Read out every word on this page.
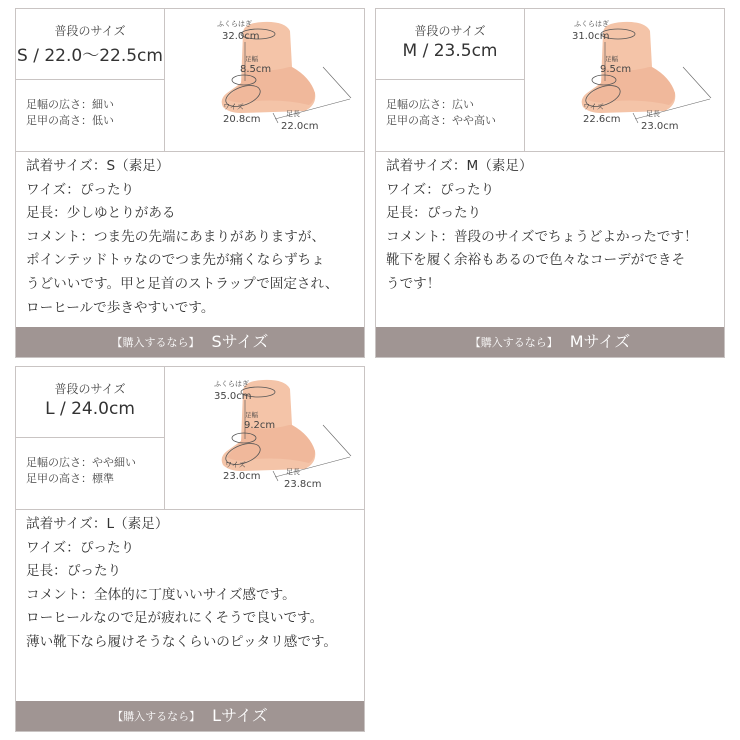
普段のサイズ
S / 22.0〜22.5cm
足幅の広さ：細い
足甲の高さ：低い
ふくらはぎ
32.0cm
足幅
8.5cm
ワイズ
20.8cm	足長
22.0cm

試着サイズ：S（素足）

ワイズ：ぴったり

足長：少しゆとりがある

コメント：つま先の先端にあまりがありますが、

ポインテッドトゥなのでつま先が痛くならずちょ

うどいいです。甲と足首のストラップで固定され、

ローヒールで歩きやすいです。

【購入するなら】 Sサイズ
普段のサイズ
M / 23.5cm
足幅の広さ：広い
足甲の高さ：やや高い
ふくらはぎ
31.0cm
足幅
9.5cm
ワイズ
22.6cm	足長
23.0cm

試着サイズ：M（素足）

ワイズ：ぴったり

足長：ぴったり

コメント：普段のサイズでちょうどよかったです！

靴下を履く余裕もあるので色々なコーデができそ

うです！

【購入するなら】 Mサイズ
普段のサイズ
L / 24.0cm
足幅の広さ：やや細い
足甲の高さ：標準
ふくらはぎ
35.0cm
足幅
9.2cm
ワイズ
23.0cm	足長
23.8cm

試着サイズ：L（素足）

ワイズ：ぴったり

足長：ぴったり

コメント：全体的に丁度いいサイズ感です。

ローヒールなので足が疲れにくそうで良いです。

薄い靴下なら履けそうなくらいのピッタリ感です。

【購入するなら】 Lサイズ
